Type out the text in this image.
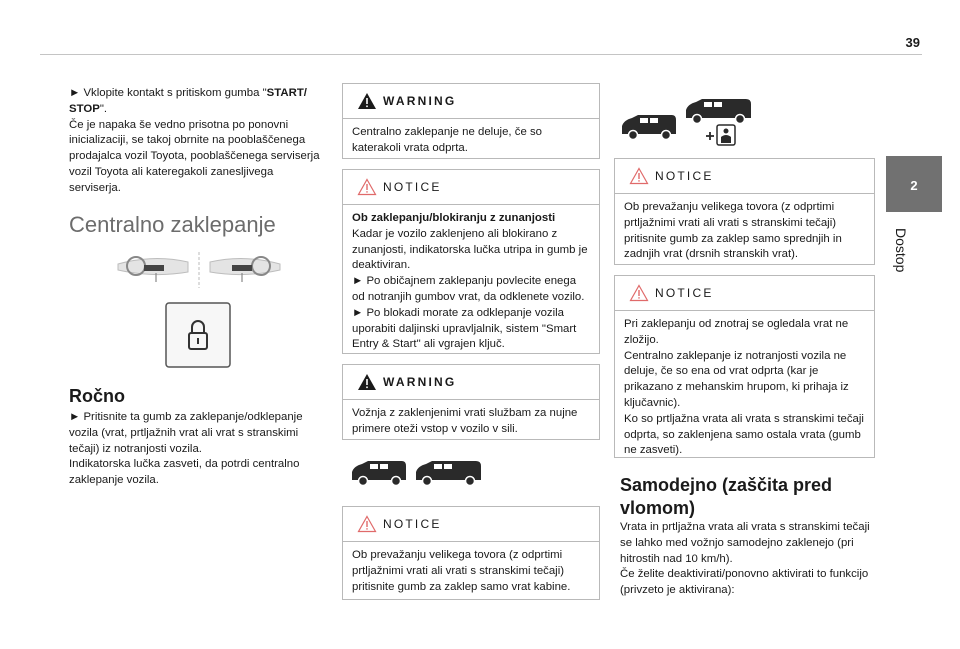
39
2
Dostop

► Vklopite kontakt s pritiskom gumba "START/ STOP".

Če je napaka še vedno prisotna po ponovni inicializaciji, se takoj obrnite na pooblaščenega prodajalca vozil Toyota, pooblaščenega serviserja vozil Toyota ali kateregakoli zanesljivega serviserja.

Centralno zaklepanje
Ročno

► Pritisnite ta gumb za zaklepanje/odklepanje vozila (vrat, prtljažnih vrat ali vrat s stranskimi tečaji) iz notranjosti vozila.

Indikatorska lučka zasveti, da potrdi centralno zaklepanje vozila.

WARNING

Centralno zaklepanje ne deluje, če so katerakoli vrata odprta.

NOTICE

Ob zaklepanju/blokiranju z zunanjosti

Kadar je vozilo zaklenjeno ali blokirano z zunanjosti, indikatorska lučka utripa in gumb je deaktiviran.

► Po običajnem zaklepanju povlecite enega od notranjih gumbov vrat, da odklenete vozilo.

► Po blokadi morate za odklepanje vozila uporabiti daljinski upravljalnik, sistem "Smart Entry & Start" ali vgrajen ključ.

WARNING

Vožnja z zaklenjenimi vrati službam za nujne primere oteži vstop v vozilo v sili.

NOTICE

Ob prevažanju velikega tovora (z odprtimi prtljažnimi vrati ali vrati s stranskimi tečaji) pritisnite gumb za zaklep samo vrat kabine.

NOTICE

Ob prevažanju velikega tovora (z odprtimi prtljažnimi vrati ali vrati s stranskimi tečaji) pritisnite gumb za zaklep samo sprednjih in zadnjih vrat (drsnih stranskih vrat).

NOTICE

Pri zaklepanju od znotraj se ogledala vrat ne zložijo.

Centralno zaklepanje iz notranjosti vozila ne deluje, če so ena od vrat odprta (kar je prikazano z mehanskim hrupom, ki prihaja iz ključavnic).

Ko so prtljažna vrata ali vrata s stranskimi tečaji odprta, so zaklenjena samo ostala vrata (gumb ne zasveti).

Samodejno (zaščita pred vlomom)

Vrata in prtljažna vrata ali vrata s stranskimi tečaji se lahko med vožnjo samodejno zaklenejo (pri hitrostih nad 10 km/h).

Če želite deaktivirati/ponovno aktivirati to funkcijo (privzeto je aktivirana):
